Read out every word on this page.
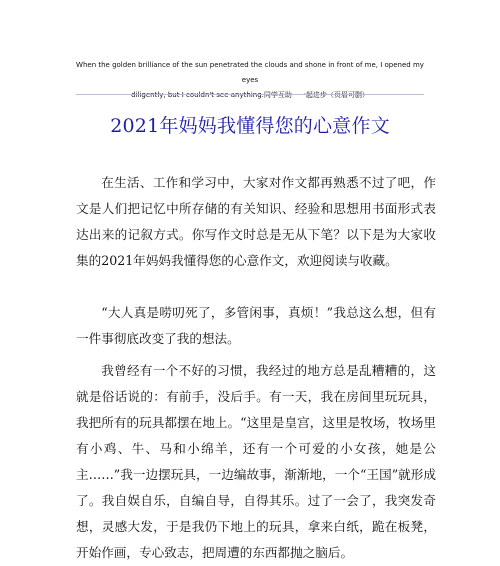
When the golden brilliance of the sun penetrated the clouds and shone in front of me, I opened my eyes
diligently, but I couldn't see anything.同学互助　一起进步（页眉可删）
2021年妈妈我懂得您的心意作文

在生活、工作和学习中，大家对作文都再熟悉不过了吧，作文是人们把记忆中所存储的有关知识、经验和思想用书面形式表达出来的记叙方式。你写作文时总是无从下笔？以下是为大家收集的2021年妈妈我懂得您的心意作文，欢迎阅读与收藏。

“大人真是唠叨死了，多管闲事，真烦！”我总这么想，但有一件事彻底改变了我的想法。

我曾经有一个不好的习惯，我经过的地方总是乱糟糟的，这就是俗话说的：有前手，没后手。有一天，我在房间里玩玩具，我把所有的玩具都摆在地上。“这里是皇宫，这里是牧场，牧场里有小鸡、牛、马和小绵羊，还有一个可爱的小女孩，她是公主……”我一边摆玩具，一边编故事，渐渐地，一个“王国”就形成了。我自娱自乐，自编自导，自得其乐。过了一会了，我突发奇想，灵感大发，于是我仍下地上的玩具，拿来白纸，跪在板凳，开始作画，专心致志，把周遭的东西都抛之脑后。
